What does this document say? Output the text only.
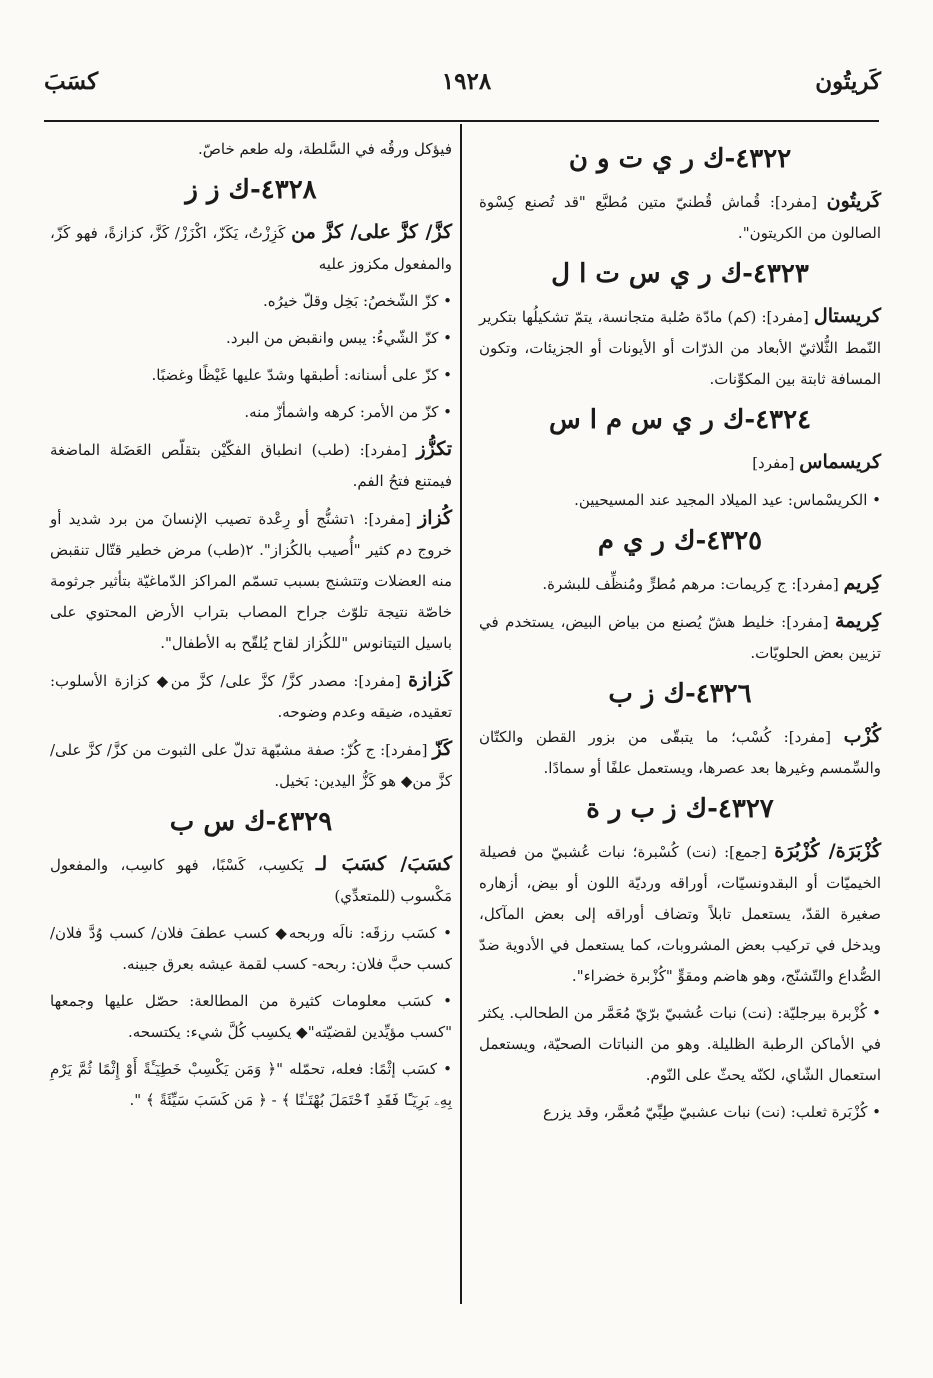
كَريتُون
١٩٢٨
كسَبَ
٤٣٢٢-ك ر ي ت و ن

كَريتُون [مفرد]: قُماش قُطنيّ متين مُطبَّع "قد تُصنع كِسْوة الصالون من الكريتون".

٤٣٢٣-ك ر ي س ت ا ل

كريستال [مفرد]: (كم) مادّة صُلبة متجانسة، يتمّ تشكيلُها بتكرير النّمط الثُّلاثيّ الأبعاد من الذرّات أو الأيونات أو الجزيئات، وتكون المسافة ثابتة بين المكوِّنات.

٤٣٢٤-ك ر ي س م ا س

كريسماس [مفرد]

• الكريسْماس: عيد الميلاد المجيد عند المسيحيين.

٤٣٢٥-ك ر ي م

كِريم [مفرد]: ج كِريمات: مرهم مُطرٍّ ومُنظِّف للبشرة.

كِريمة [مفرد]: خليط هشّ يُصنع من بياض البيض، يستخدم في تزيين بعض الحلويّات.

٤٣٢٦-ك ز ب

كُزْب [مفرد]: كُسْب؛ ما يتبقّى من بزور القطن والكتّان والسِّمسم وغيرها بعد عصرها، ويستعمل علفًا أو سمادًا.

٤٣٢٧-ك ز ب ر ة

كُزْبَرَة/ كُزْبُرَة [جمع]: (نت) كُسْبرة؛ نبات عُشبيّ من فصيلة الخيميّات أو البقدونسيّات، أوراقه ورديّة اللون أو بيض، أزهاره صغيرة القدّ، يستعمل تابلاً وتضاف أوراقه إلى بعض المآكل، ويدخل في تركيب بعض المشروبات، كما يستعمل في الأدوية ضدّ الصُّداع والتّشنّج، وهو هاضم ومقوٍّ "كُزْبرة خضراء".

• كُزْبرة بيرجليّة: (نت) نبات عُشبيّ برّيّ مُعَمَّر من الطحالب. يكثر في الأماكن الرطبة الظليلة. وهو من النباتات الصحيّة، ويستعمل استعمال الشّاي، لكنّه يحثّ على النّوم.

• كُزْبَرة ثعلب: (نت) نبات عشبيّ طِبِّيّ مُعمَّر، وقد يزرع

فيؤكل ورقُه في السَّلطة، وله طعم خاصّ.

٤٣٢٨-ك ز ز

كزَّ/ كزَّ على/ كزَّ من كَزِزْتُ، يَكَزّ، اكْزَزْ/ كَزَّ، كزازةً، فهو كَزّ، والمفعول مكزوز عليه

• كزّ الشّخصُ: بَخِل وقلّ خيرُه.

• كزّ الشّيءُ: يبس وانقبض من البرد.

• كزّ على أسنانه: أطبقها وشدّ عليها غَيْظًا وغضبًا.

• كزّ من الأمر: كرهه واشمأزّ منه.

تكزُّز [مفرد]: (طب) انطباق الفكّيْن بتقلّص العَضَلة الماضغة فيمتنع فتحُ الفم.

كُزاز [مفرد]: ١تشنُّج أو رِعْدة تصيب الإنسانَ من برد شديد أو خروج دم كثير "أُصيب بالكُزاز". ٢(طب) مرض خطير قتّال تنقبض منه العضلات وتتشنج بسبب تسمّم المراكز الدّماغيّة بتأثير جرثومة خاصّة نتيجة تلوّث جراح المصاب بتراب الأرض المحتوي على باسيل التيتانوس "للكُزاز لقاح يُلقّح به الأطفال".

كَزازة [مفرد]: مصدر كزَّ/ كزَّ على/ كزَّ من◆ كزازة الأسلوب: تعقيده، ضيقه وعدم وضوحه.

كَزّ [مفرد]: ج كُزّ: صفة مشبّهة تدلّ على الثبوت من كزَّ/ كزَّ على/ كزَّ من◆ هو كَزُّ اليدين: بَخيل.

٤٣٢٩-ك س ب

كسَبَ/ كسَبَ لـ يَكسِب، كَسْبًا، فهو كاسِب، والمفعول مَكْسوب (للمتعدِّي)

• كسَب رزقَه: نالَه وربحه◆ كسب عطفَ فلان/ كسب وُدَّ فلان/ كسب حبَّ فلان: ربحه- كسب لقمة عيشه بعرق جبينه.

• كسَب معلومات كثيرة من المطالعة: حصّل عليها وجمعها "كسب مؤيِّدين لقضيّته"◆ يكسِب كُلَّ شيء: يكتسحه.

• كسَب إثْمًا: فعله، تحمّله "﴿ وَمَن يَكْسِبْ خَطِيٓـَٔةً أَوْ إِثْمًا ثُمَّ يَرْمِ بِهِۦ بَرِيٓـًٔا فَقَدِ ٱحْتَمَلَ بُهْتَـٰنًا ﴾ - ﴿ مَن كَسَبَ سَيِّئَةً ﴾ ".
